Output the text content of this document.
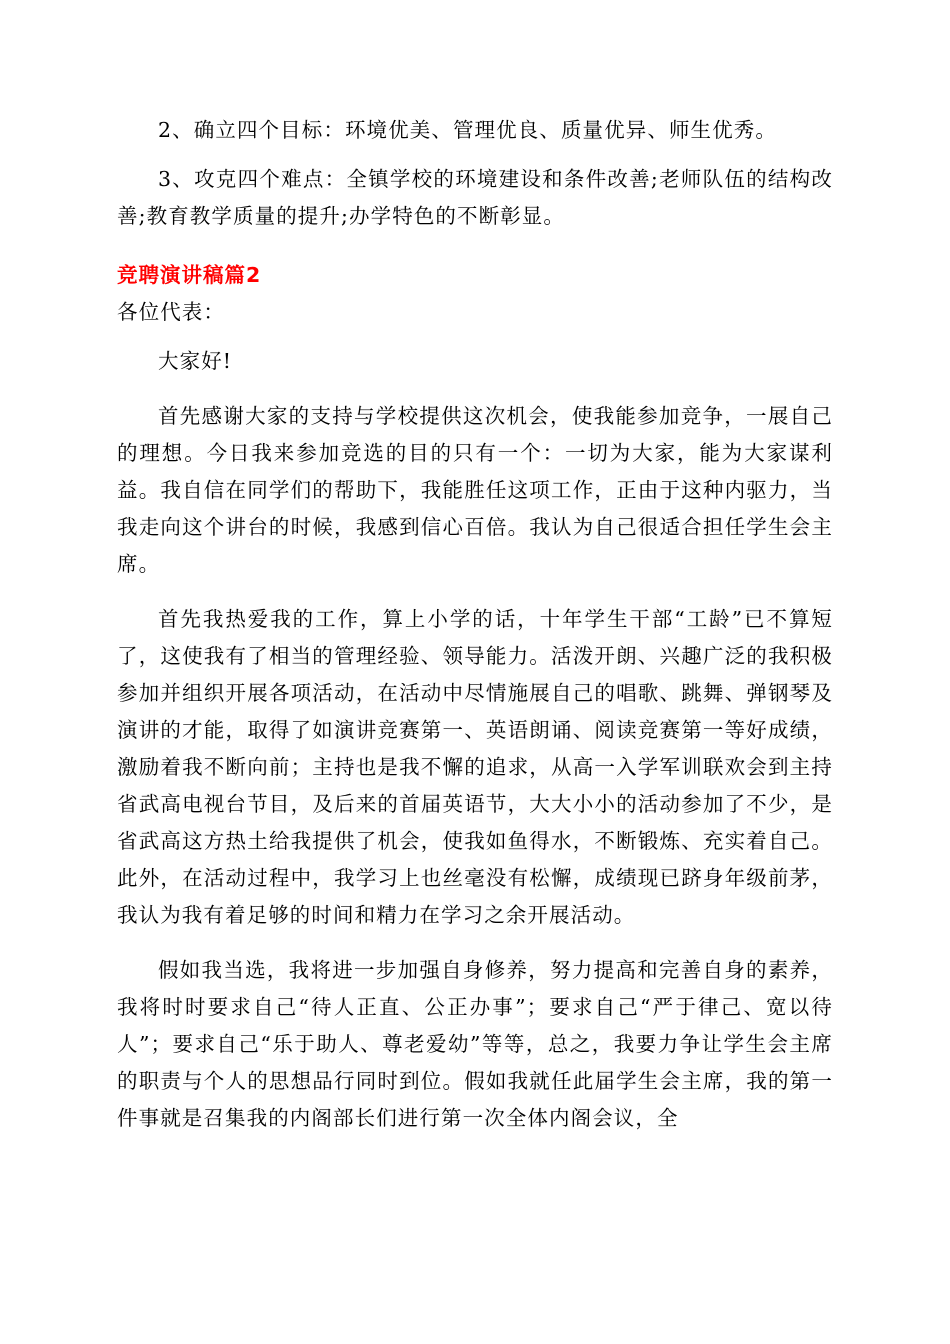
2、确立四个目标：环境优美、管理优良、质量优异、师生优秀。

3、攻克四个难点：全镇学校的环境建设和条件改善;老师队伍的结构改善;教育教学质量的提升;办学特色的不断彰显。

竞聘演讲稿篇2

各位代表：

大家好!

首先感谢大家的支持与学校提供这次机会，使我能参加竞争，一展自己的理想。今日我来参加竞选的目的只有一个：一切为大家，能为大家谋利益。我自信在同学们的帮助下，我能胜任这项工作，正由于这种内驱力，当我走向这个讲台的时候，我感到信心百倍。我认为自己很适合担任学生会主席。

首先我热爱我的工作，算上小学的话，十年学生干部“工龄”已不算短了，这使我有了相当的管理经验、领导能力。活泼开朗、兴趣广泛的我积极参加并组织开展各项活动，在活动中尽情施展自己的唱歌、跳舞、弹钢琴及演讲的才能，取得了如演讲竞赛第一、英语朗诵、阅读竞赛第一等好成绩，激励着我不断向前；主持也是我不懈的追求，从高一入学军训联欢会到主持省武高电视台节目，及后来的首届英语节，大大小小的活动参加了不少，是省武高这方热土给我提供了机会，使我如鱼得水，不断锻炼、充实着自己。此外，在活动过程中，我学习上也丝毫没有松懈，成绩现已跻身年级前茅，我认为我有着足够的时间和精力在学习之余开展活动。

假如我当选，我将进一步加强自身修养，努力提高和完善自身的素养，我将时时要求自己“待人正直、公正办事”；要求自己“严于律己、宽以待人”；要求自己“乐于助人、尊老爱幼”等等，总之，我要力争让学生会主席的职责与个人的思想品行同时到位。假如我就任此届学生会主席，我的第一件事就是召集我的内阁部长们进行第一次全体内阁会议，全
